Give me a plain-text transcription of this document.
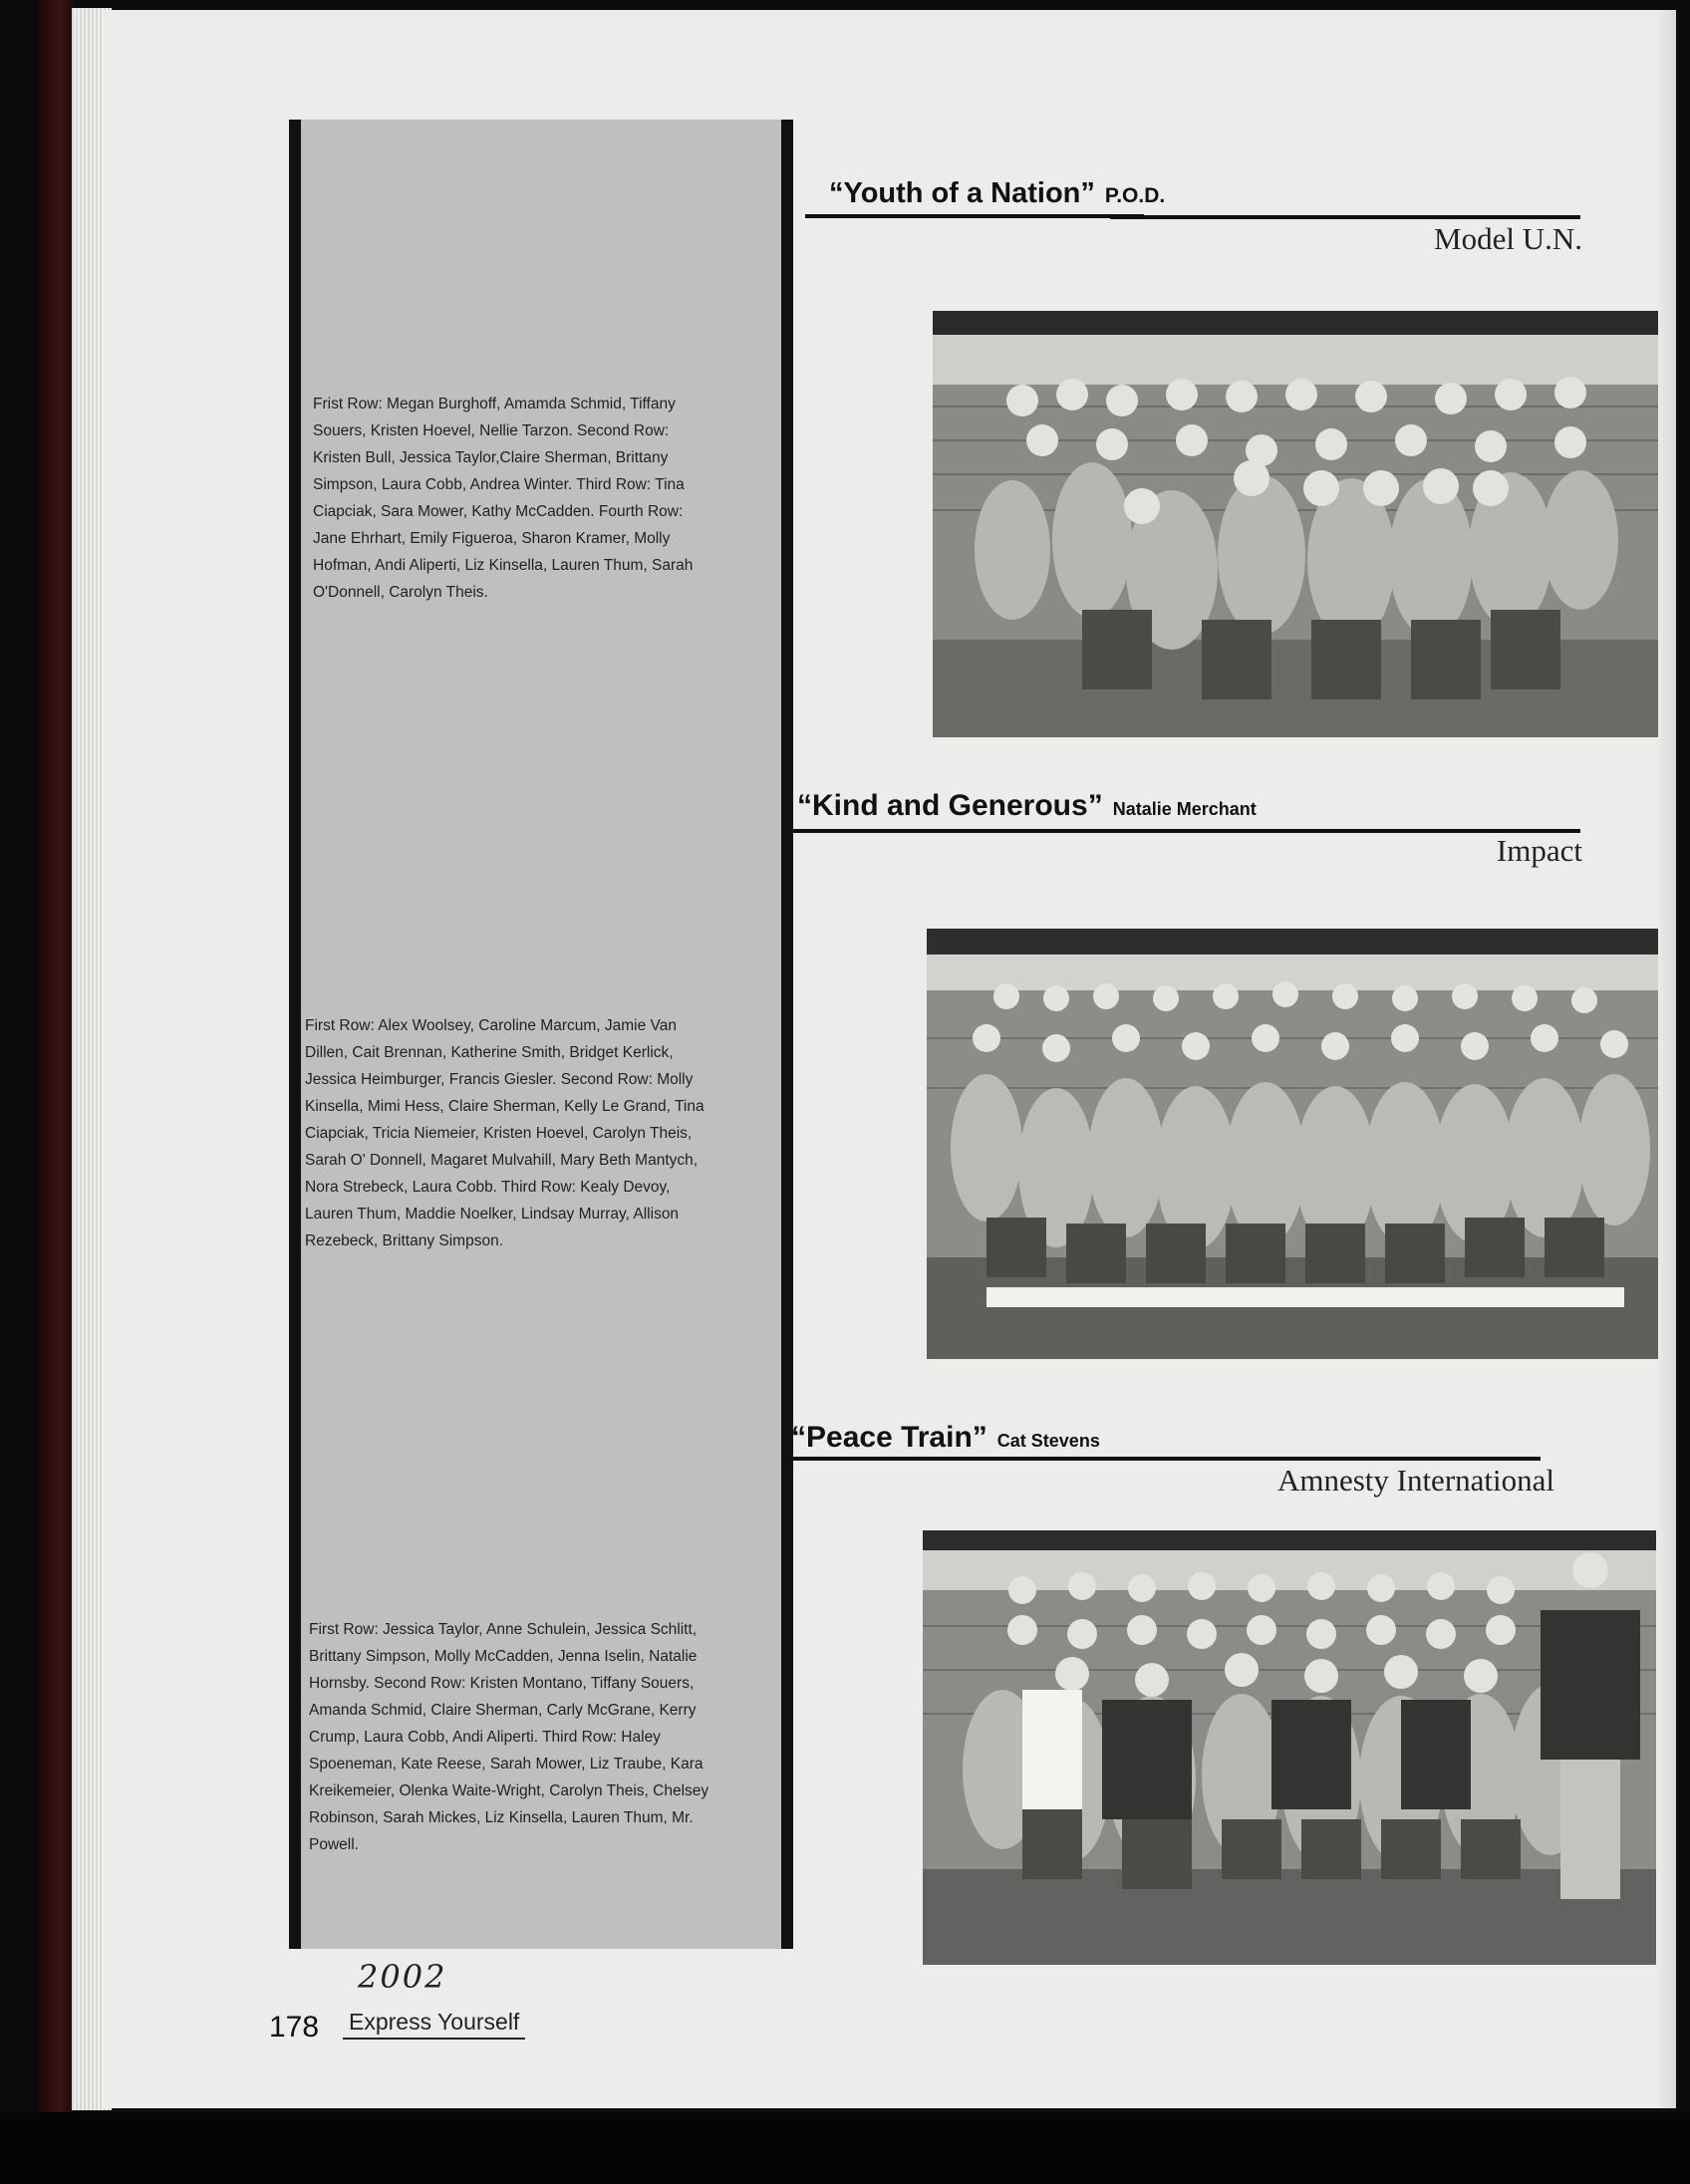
Frist Row: Megan Burghoff, Amamda Schmid, Tiffany
Souers, Kristen Hoevel, Nellie Tarzon. Second Row:
Kristen Bull, Jessica Taylor,Claire Sherman, Brittany
Simpson, Laura Cobb, Andrea Winter. Third Row: Tina
Ciapciak, Sara Mower, Kathy McCadden. Fourth Row:
Jane Ehrhart, Emily Figueroa, Sharon Kramer, Molly
Hofman, Andi Aliperti, Liz Kinsella, Lauren Thum, Sarah
O'Donnell, Carolyn Theis.
First Row: Alex Woolsey, Caroline Marcum, Jamie Van
Dillen, Cait Brennan, Katherine Smith, Bridget Kerlick,
Jessica Heimburger, Francis Giesler. Second Row: Molly
Kinsella, Mimi Hess, Claire Sherman, Kelly Le Grand, Tina
Ciapciak, Tricia Niemeier, Kristen Hoevel, Carolyn Theis,
Sarah O' Donnell, Magaret Mulvahill, Mary Beth Mantych,
Nora Strebeck, Laura Cobb. Third Row: Kealy Devoy,
Lauren Thum, Maddie Noelker, Lindsay Murray, Allison
Rezebeck, Brittany Simpson.
First Row: Jessica Taylor, Anne Schulein, Jessica Schlitt,
Brittany Simpson, Molly McCadden, Jenna Iselin, Natalie
Hornsby. Second Row: Kristen Montano, Tiffany Souers,
Amanda Schmid, Claire Sherman, Carly McGrane, Kerry
Crump, Laura Cobb, Andi Aliperti. Third Row: Haley
Spoeneman, Kate Reese, Sarah Mower, Liz Traube, Kara
Kreikemeier, Olenka Waite-Wright, Carolyn Theis, Chelsey
Robinson, Sarah Mickes, Liz Kinsella, Lauren Thum, Mr.
Powell.
“Youth of a Nation” P.O.D.
Model U.N.
“Kind and Generous” Natalie Merchant
Impact
“Peace Train” Cat Stevens
Amnesty International
2002
178 Express Yourself
